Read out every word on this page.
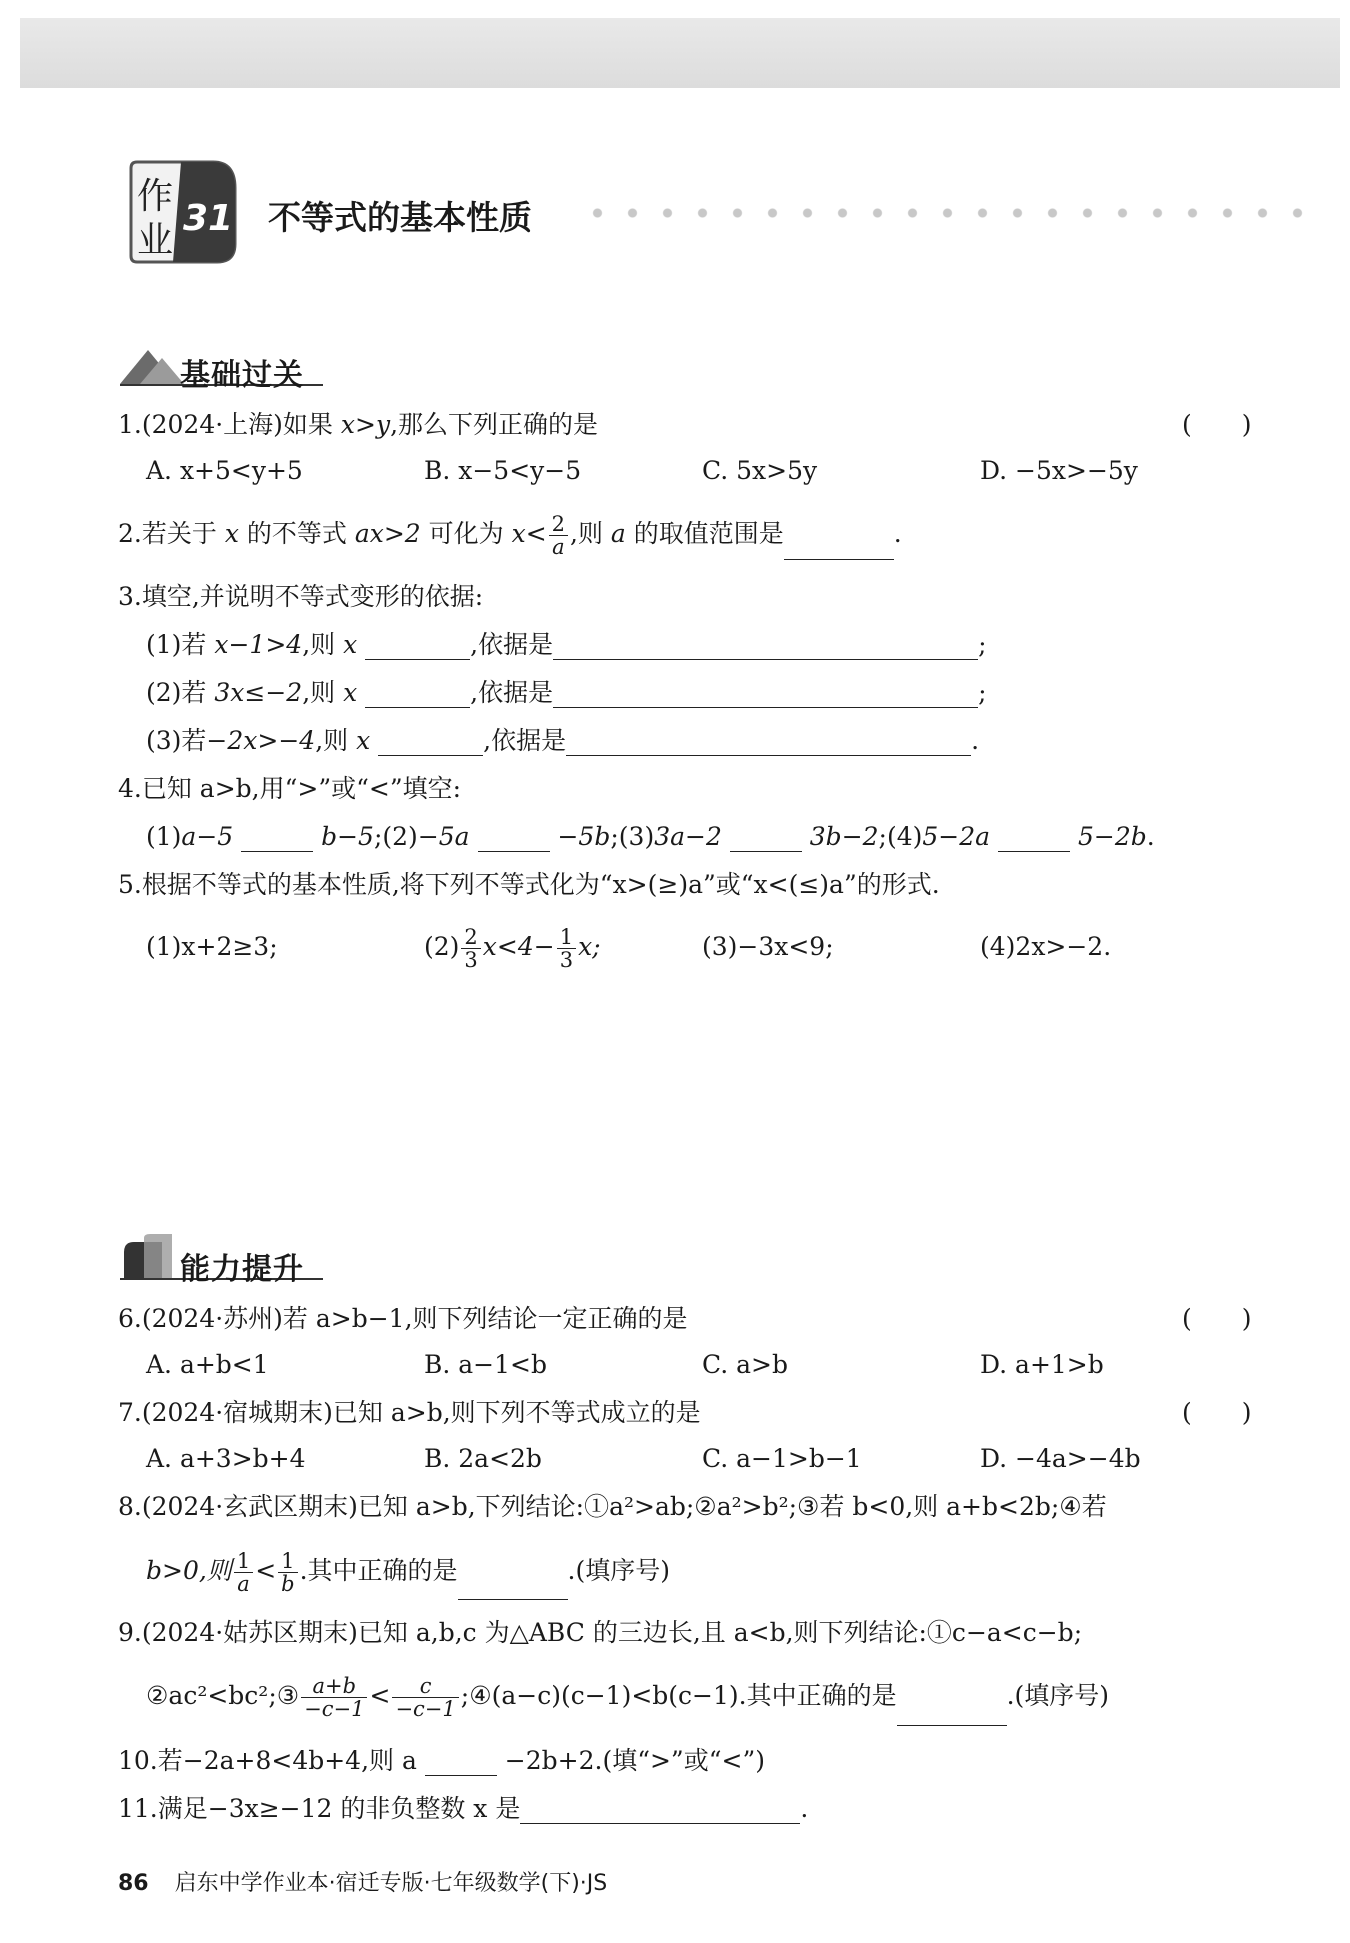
作
业
31 不等式的基本性质
基础过关
1.(2024·上海)如果 x>y,那么下列正确的是	(　　)
A. x+5<y+5	B. x−5<y−5	C. 5x>5y	D. −5x>−5y
2.若关于 x 的不等式 ax>2 可化为 $x< \frac{2}{a}$ ,则 a 的取值范围是	.
3.填空,并说明不等式变形的依据:
(1)若 x−1>4,则 x	,依据是	;
(2)若 3x≤−2,则 x	,依据是	;
(3)若−2x>−4,则 x	,依据是	.
4.已知 a>b,用“>”或“<”填空:
(1)a−5	b−5;(2)−5a	−5b;(3)3a−2	3b−2;(4)5−2a	5−2b.
5.根据不等式的基本性质,将下列不等式化为“x>(≥)a”或“x<(≤)a”的形式.
(1)x+2≥3;	$(2) \frac{2}{3} x<4- \frac{1}{3} x$;	(3)−3x<9;	(4)2x>−2.
能力提升
6.(2024·苏州)若 a>b−1,则下列结论一定正确的是	(　　)
A. a+b<1	B. a−1<b	C. a>b	D. a+1>b
7.(2024·宿城期末)已知 a>b,则下列不等式成立的是	(　　)
A. a+3>b+4	B. 2a<2b	C. a−1>b−1	D. −4a>−4b
8.(2024·玄武区期末)已知 a>b,下列结论:①a²>ab;②a²>b²;③若 b<0,则 a+b<2b;④若
b>0,则 $\frac{1}{a} < \frac{1}{b}$ .其中正确的是	.(填序号)
9.(2024·姑苏区期末)已知 a,b,c 为△ABC 的三边长,且 a<b,则下列结论:①c−a<c−b;
②ac²<bc²;③ $\frac{a+b}{-c-1} < \frac{c}{-c-1}$ ;④(a−c)(c−1)<b(c−1).其中正确的是	.(填序号)
10.若−2a+8<4b+4,则 a	−2b+2.(填“>”或“<”)
11.满足−3x≥−12 的非负整数 x 是	.
86 启东中学作业本·宿迁专版·七年级数学(下)·JS
